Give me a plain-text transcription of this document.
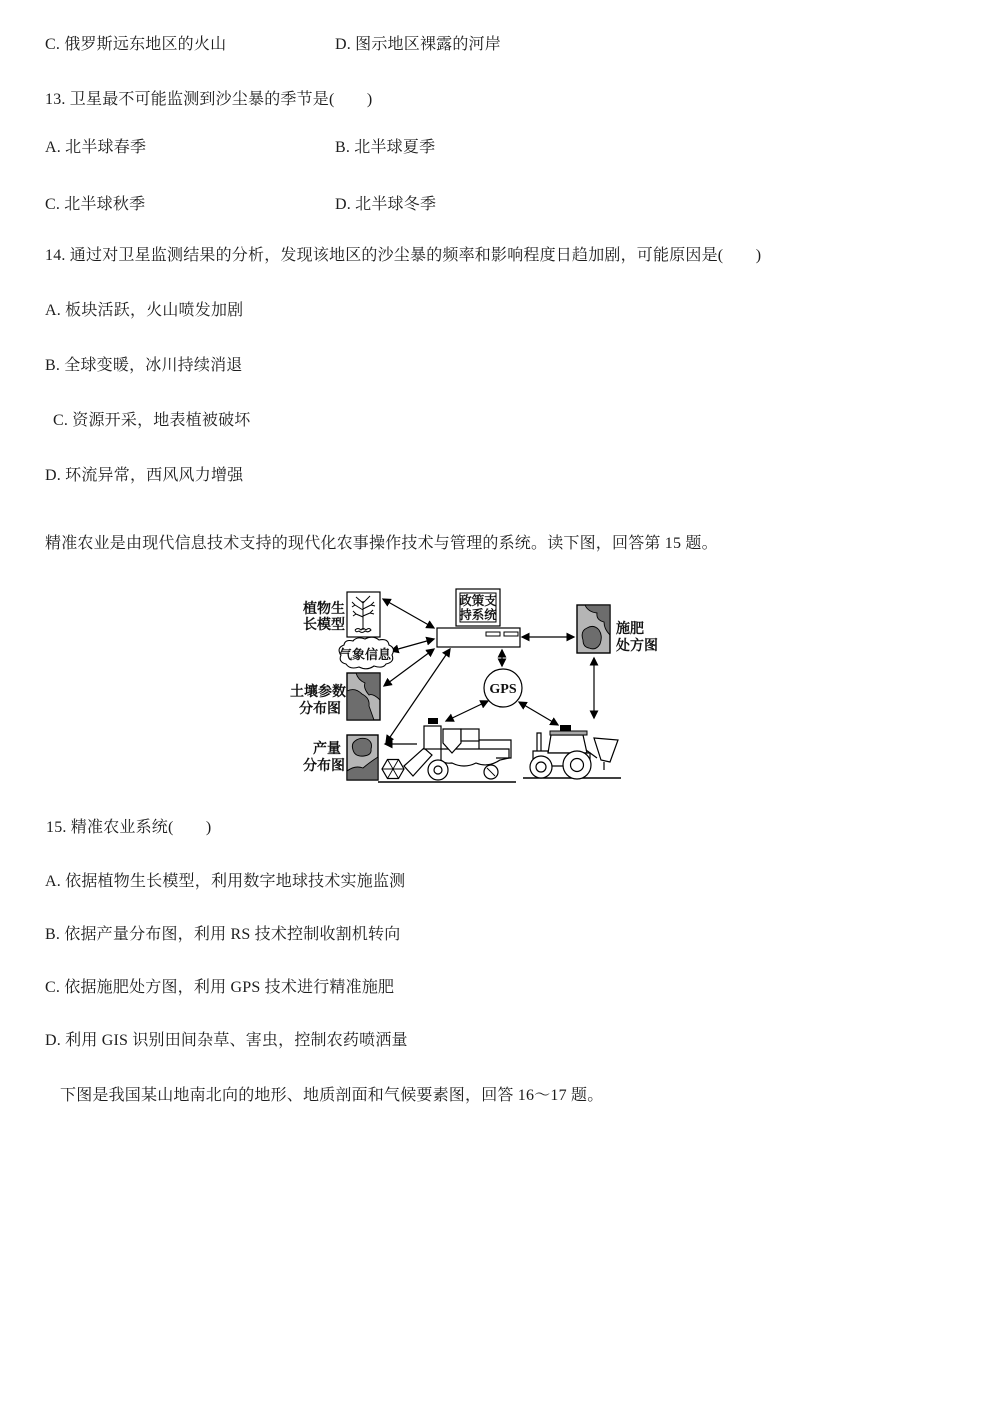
C. 俄罗斯远东地区的火山	D. 图示地区裸露的河岸
13. 卫星最不可能监测到沙尘暴的季节是(　　)
A. 北半球春季	B. 北半球夏季
C. 北半球秋季	D. 北半球冬季
14. 通过对卫星监测结果的分析，发现该地区的沙尘暴的频率和影响程度日趋加剧，可能原因是(　　)
A. 板块活跃，火山喷发加剧
B. 全球变暖，冰川持续消退
C. 资源开采，地表植被破坏
D. 环流异常，西风风力增强
精准农业是由现代信息技术支持的现代化农事操作技术与管理的系统。读下图，回答第 15 题。
植物生
长模型
政策支
持系统
气象信息
土壤参数
分布图
产量
分布图
GPS
施肥
处方图
15. 精准农业系统(　　)
A. 依据植物生长模型，利用数字地球技术实施监测
B. 依据产量分布图，利用 RS 技术控制收割机转向
C. 依据施肥处方图，利用 GPS 技术进行精准施肥
D. 利用 GIS 识别田间杂草、害虫，控制农药喷洒量
下图是我国某山地南北向的地形、地质剖面和气候要素图，回答 16～17 题。
